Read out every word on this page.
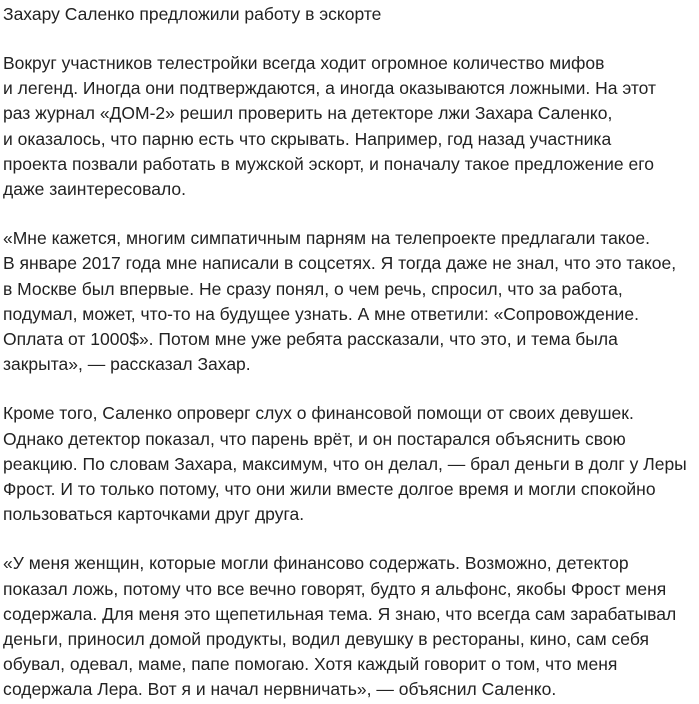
Захару Саленко предложили работу в эскорте

Вокруг участников телестройки всегда ходит огромное количество мифов
и легенд. Иногда они подтверждаются, а иногда оказываются ложными. На этот
раз журнал «ДОМ-2» решил проверить на детекторе лжи Захара Саленко,
и оказалось, что парню есть что скрывать. Например, год назад участника
проекта позвали работать в мужской эскорт, и поначалу такое предложение его
даже заинтересовало.

«Мне кажется, многим симпатичным парням на телепроекте предлагали такое.
В январе 2017 года мне написали в соцсетях. Я тогда даже не знал, что это такое,
в Москве был впервые. Не сразу понял, о чем речь, спросил, что за работа,
подумал, может, что-то на будущее узнать. А мне ответили: «Сопровождение.
Оплата от 1000$». Потом мне уже ребята рассказали, что это, и тема была
закрыта», — рассказал Захар.

Кроме того, Саленко опроверг слух о финансовой помощи от своих девушек.
Однако детектор показал, что парень врёт, и он постарался объяснить свою
реакцию. По словам Захара, максимум, что он делал, — брал деньги в долг у Леры
Фрост. И то только потому, что они жили вместе долгое время и могли спокойно
пользоваться карточками друг друга.

«У меня женщин, которые могли финансово содержать. Возможно, детектор
показал ложь, потому что все вечно говорят, будто я альфонс, якобы Фрост меня
содержала. Для меня это щепетильная тема. Я знаю, что всегда сам зарабатывал
деньги, приносил домой продукты, водил девушку в рестораны, кино, сам себя
обувал, одевал, маме, папе помогаю. Хотя каждый говорит о том, что меня
содержала Лера. Вот я и начал нервничать», — объяснил Саленко.
